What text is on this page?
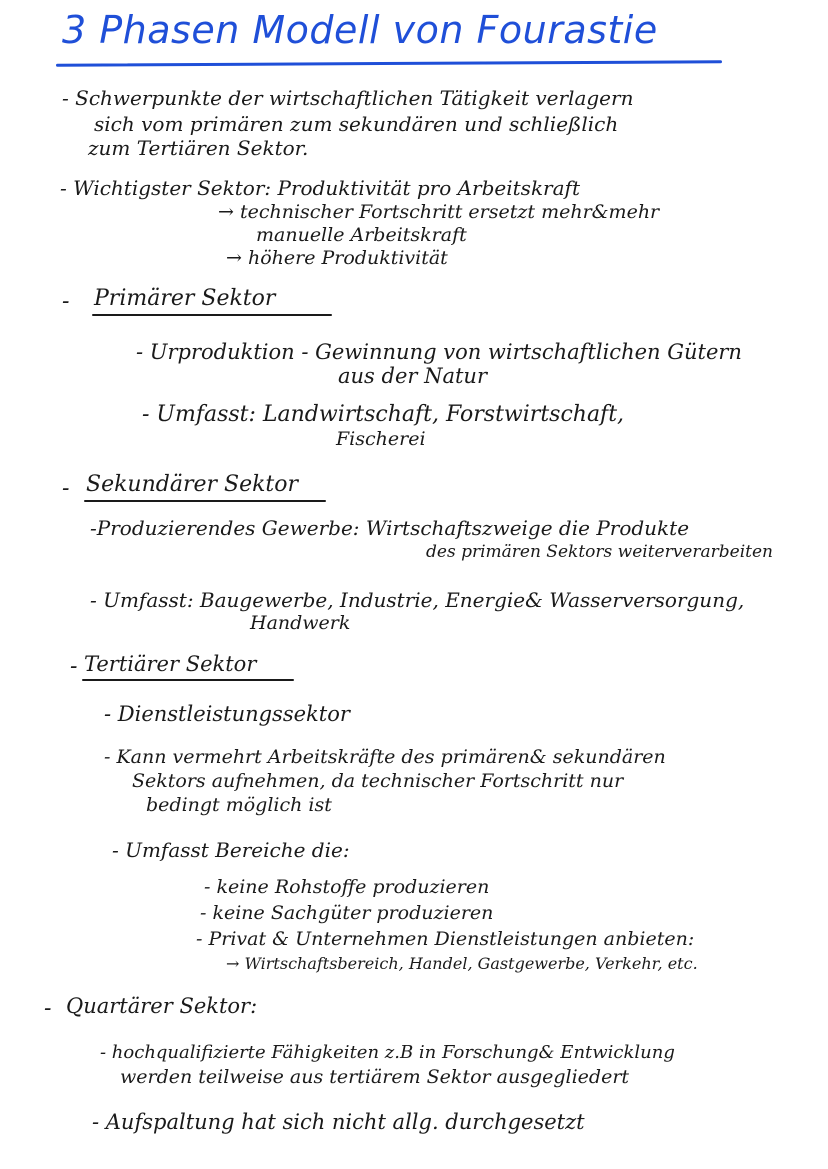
3 Phasen Modell von Fourastie
- Schwerpunkte der wirtschaftlichen Tätigkeit verlagern
sich vom primären zum sekundären und schließlich
zum Tertiären Sektor.
- Wichtigster Sektor: Produktivität pro Arbeitskraft
→ technischer Fortschritt ersetzt mehr&mehr
manuelle Arbeitskraft
→ höhere Produktivität
- Primärer Sektor
- Urproduktion - Gewinnung von wirtschaftlichen Gütern
aus der Natur
- Umfasst: Landwirtschaft, Forstwirtschaft,
Fischerei
- Sekundärer Sektor
-Produzierendes Gewerbe: Wirtschaftszweige die Produkte
des primären Sektors weiterverarbeiten
- Umfasst: Baugewerbe, Industrie, Energie& Wasserversorgung,
Handwerk
- Tertiärer Sektor
- Dienstleistungssektor
- Kann vermehrt Arbeitskräfte des primären& sekundären
Sektors aufnehmen, da technischer Fortschritt nur
bedingt möglich ist
- Umfasst Bereiche die:
- keine Rohstoffe produzieren
- keine Sachgüter produzieren
- Privat & Unternehmen Dienstleistungen anbieten:
→ Wirtschaftsbereich, Handel, Gastgewerbe, Verkehr, etc.
- Quartärer Sektor:
- hochqualifizierte Fähigkeiten z.B in Forschung& Entwicklung
werden teilweise aus tertiärem Sektor ausgegliedert
- Aufspaltung hat sich nicht allg. durchgesetzt
